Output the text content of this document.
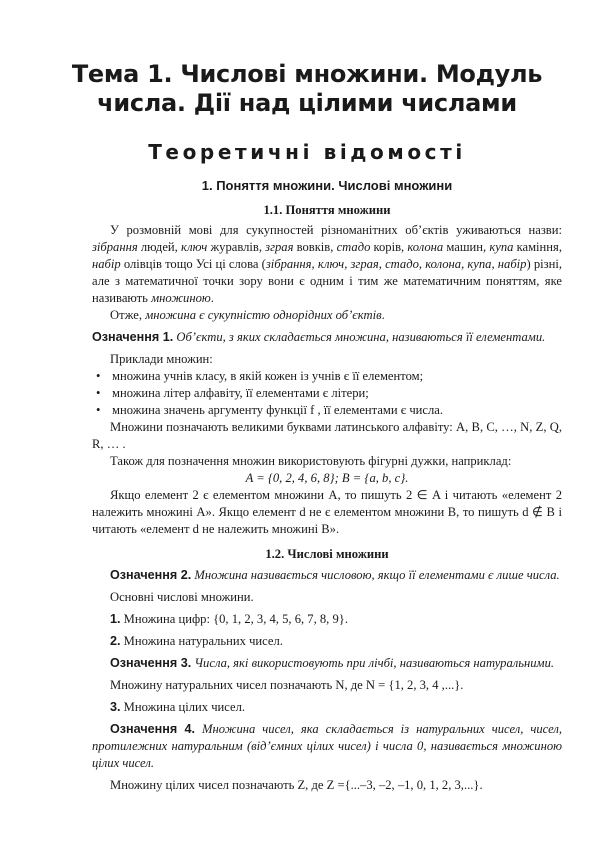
Тема 1. Числові множини. Модуль
числа. Дії над цілими числами
Теоретичні відомості
1. Поняття множини. Числові множини
1.1. Поняття множини

У розмовній мові для сукупностей різноманітних об’єктів уживаються назви: зібрання людей, ключ журавлів, зграя вовків, стадо корів, колона машин, купа каміння, набір олівців тощо Усі ці слова (зібрання, ключ, зграя, стадо, колона, купа, набір) різні, але з математичної точки зору вони є одним і тим же математичним поняттям, яке називають множиною.

Отже, множина є сукупністю однорідних об’єктів.

Означення 1. Об’єкти, з яких складається множина, називаються її елементами.

Приклади множин:

• множина учнів класу, в якій кожен із учнів є її елементом;
• множина літер алфавіту, її елементами є літери;
• множина значень аргументу функції f , її елементами є числа.

Множини позначають великими буквами латинського алфавіту: A, B, C, …, N, Z, Q, R, … .

Також для позначення множин використовують фігурні дужки, наприклад:

A = {0, 2, 4, 6, 8}; B = {a, b, c}.

Якщо елемент 2 є елементом множини A, то пишуть 2 ∈ A і читають «елемент 2 належить множині A». Якщо елемент d не є елементом множини B, то пишуть d ∉ B і читають «елемент d не належить множині B».

1.2. Числові множини

Означення 2. Множина називається числовою, якщо її елементами є лише числа.

Основні числові множини.

1. Множина цифр: {0, 1, 2, 3, 4, 5, 6, 7, 8, 9}.

2. Множина натуральних чисел.

Означення 3. Числа, які використовують при лічбі, називаються натуральними.

Множину натуральних чисел позначають N, де N = {1, 2, 3, 4 ,...}.

3. Множина цілих чисел.

Означення 4. Множина чисел, яка складається із натуральних чисел, чисел, протилежних натуральним (від’ємних цілих чисел) і числа 0, називається множиною цілих чисел.

Множину цілих чисел позначають Z, де Z ={...–3, –2, –1, 0, 1, 2, 3,...}.
